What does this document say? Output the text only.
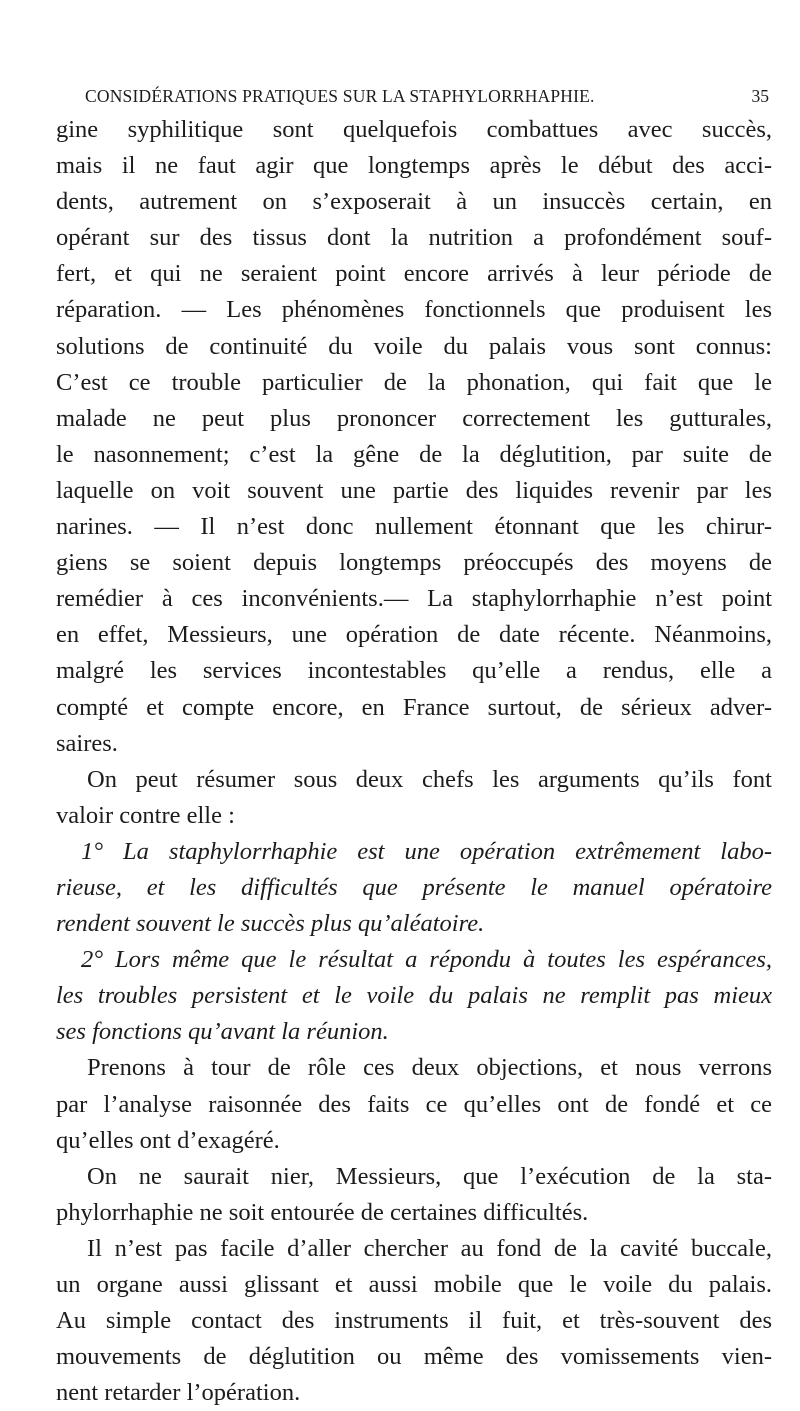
CONSIDÉRATIONS PRATIQUES SUR LA STAPHYLORRHAPHIE.	35
gine syphilitique sont quelquefois combattues avec succès,
mais il ne faut agir que longtemps après le début des acci-
dents, autrement on s’exposerait à un insuccès certain, en
opérant sur des tissus dont la nutrition a profondément souf-
fert, et qui ne seraient point encore arrivés à leur période de
réparation. — Les phénomènes fonctionnels que produisent les
solutions de continuité du voile du palais vous sont connus:
C’est ce trouble particulier de la phonation, qui fait que le
malade ne peut plus prononcer correctement les gutturales,
le nasonnement; c’est la gêne de la déglutition, par suite de
laquelle on voit souvent une partie des liquides revenir par les
narines. — Il n’est donc nullement étonnant que les chirur-
giens se soient depuis longtemps préoccupés des moyens de
remédier à ces inconvénients.— La staphylorrhaphie n’est point
en effet, Messieurs, une opération de date récente. Néanmoins,
malgré les services incontestables qu’elle a rendus, elle a
compté et compte encore, en France surtout, de sérieux adver-
saires.
On peut résumer sous deux chefs les arguments qu’ils font
valoir contre elle :
1° La staphylorrhaphie est une opération extrêmement labo-
rieuse, et les difficultés que présente le manuel opératoire
rendent souvent le succès plus qu’aléatoire.
2° Lors même que le résultat a répondu à toutes les espérances,
les troubles persistent et le voile du palais ne remplit pas mieux
ses fonctions qu’avant la réunion.
Prenons à tour de rôle ces deux objections, et nous verrons
par l’analyse raisonnée des faits ce qu’elles ont de fondé et ce
qu’elles ont d’exagéré.
On ne saurait nier, Messieurs, que l’exécution de la sta-
phylorrhaphie ne soit entourée de certaines difficultés.
Il n’est pas facile d’aller chercher au fond de la cavité buccale,
un organe aussi glissant et aussi mobile que le voile du palais.
Au simple contact des instruments il fuit, et très-souvent des
mouvements de déglutition ou même des vomissements vien-
nent retarder l’opération.
